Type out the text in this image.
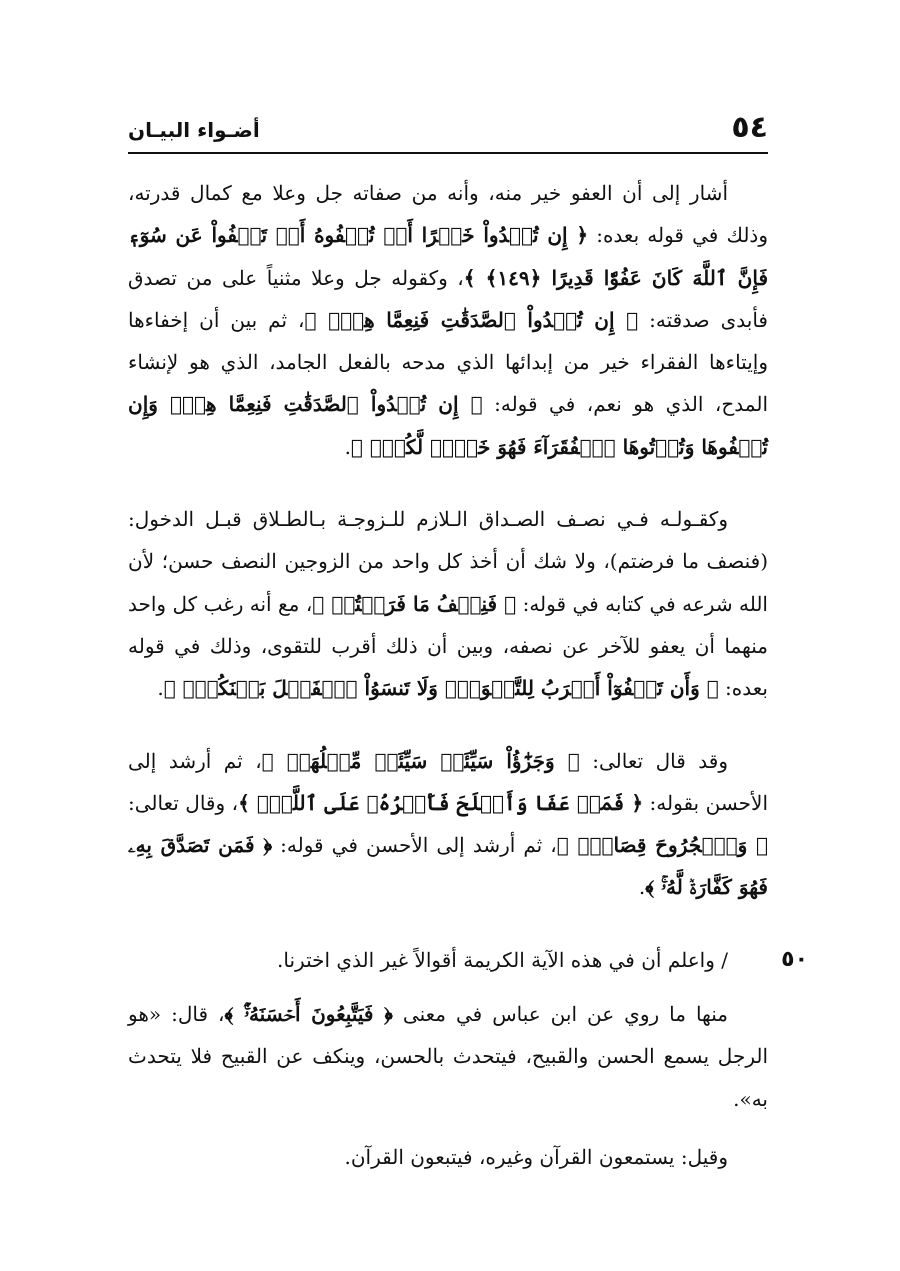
٥٤
أضـواء البيـان

أشار إلى أن العفو خير منه، وأنه من صفاته جل وعلا مع كمال قدرته، وذلك في قوله بعده: ﴿ إِن تُبۡدُواْ خَيۡرًا أَوۡ تُخۡفُوهُ أَوۡ تَعۡفُواْ عَن سُوٓءٖ فَإِنَّ ٱللَّهَ كَانَ عَفُوّٗا قَدِيرًا ﴿١٤٩﴾ ﴾، وكقوله جل وعلا مثنياً على من تصدق فأبدى صدقته: ﴿ إِن تُبۡدُواْ ٱلصَّدَقَٰتِ فَنِعِمَّا هِيَۖ ﴾، ثم بين أن إخفاءها وإيتاءها الفقراء خير من إبدائها الذي مدحه بالفعل الجامد، الذي هو لإنشاء المدح، الذي هو نعم، في قوله: ﴿ إِن تُبۡدُواْ ٱلصَّدَقَٰتِ فَنِعِمَّا هِيَۖ وَإِن تُخۡفُوهَا وَتُؤۡتُوهَا ٱلۡفُقَرَآءَ فَهُوَ خَيۡرٞ لَّكُمۡۚ ﴾.

وكقـولـه فـي نصـف الصـداق الـلازم للـزوجـة بـالطـلاق قبـل الدخول: (فنصف ما فرضتم)، ولا شك أن أخذ كل واحد من الزوجين النصف حسن؛ لأن الله شرعه في كتابه في قوله: ﴿ فَنِصۡفُ مَا فَرَضۡتُمۡ ﴾، مع أنه رغب كل واحد منهما أن يعفو للآخر عن نصفه، وبين أن ذلك أقرب للتقوى، وذلك في قوله بعده: ﴿ وَأَن تَعۡفُوٓاْ أَقۡرَبُ لِلتَّقۡوَىٰۚ وَلَا تَنسَوُاْ ٱلۡفَضۡلَ بَيۡنَكُمۡۚ ﴾.

وقد قال تعالى: ﴿ وَجَزَٰٓؤُاْ سَيِّئَةٖ سَيِّئَةٞ مِّثۡلُهَاۖ ﴾، ثم أرشد إلى الأحسن بقوله: ﴿ فَمَنۡ عَفَا وَأَصۡلَحَ فَأَجۡرُهُۥ عَلَى ٱللَّهِۚ ﴾، وقال تعالى: ﴿ وَٱلۡجُرُوحَ قِصَاصٞۚ ﴾، ثم أرشد إلى الأحسن في قوله: ﴿ فَمَن تَصَدَّقَ بِهِۦ فَهُوَ كَفَّارَةٞ لَّهُۥۚ ﴾.

٥٠

/ واعلم أن في هذه الآية الكريمة أقوالاً غير الذي اخترنا.

منها ما روي عن ابن عباس في معنى ﴿ فَيَتَّبِعُونَ أَحۡسَنَهُۥٓۚ ﴾، قال: «هو الرجل يسمع الحسن والقبيح، فيتحدث بالحسن، وينكف عن القبيح فلا يتحدث به».

وقيل: يستمعون القرآن وغيره، فيتبعون القرآن.
